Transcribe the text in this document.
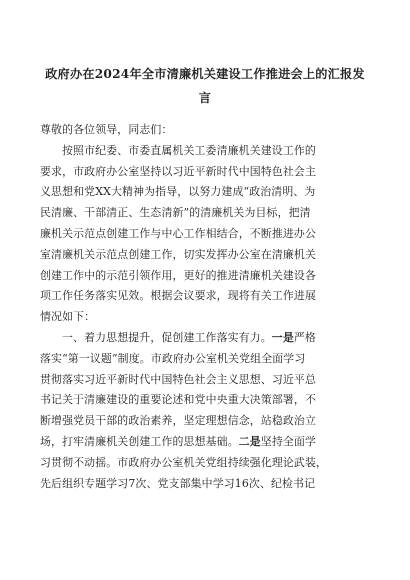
政府办在2024年全市清廉机关建设工作推进会上的汇报发
言
尊敬的各位领导，同志们：
按照市纪委、市委直属机关工委清廉机关建设工作的
要求，市政府办公室坚持以习近平新时代中国特色社会主
义思想和党XX大精神为指导，以努力建成“政治清明、为
民清廉、干部清正、生态清新”的清廉机关为目标，把清
廉机关示范点创建工作与中心工作相结合，不断推进办公
室清廉机关示范点创建工作，切实发挥办公室在清廉机关
创建工作中的示范引领作用，更好的推进清廉机关建设各
项工作任务落实见效。根据会议要求，现将有关工作进展
情况如下：
一、着力思想提升，促创建工作落实有力。一是严格
落实“第一议题”制度。市政府办公室机关党组全面学习
贯彻落实习近平新时代中国特色社会主义思想、习近平总
书记关于清廉建设的重要论述和党中央重大决策部署，不
断增强党员干部的政治素养，坚定理想信念，站稳政治立
场，打牢清廉机关创建工作的思想基础。二是坚持全面学
习贯彻不动摇。市政府办公室机关党组持续强化理论武装，
先后组织专题学习7次、党支部集中学习16次、纪检书记
